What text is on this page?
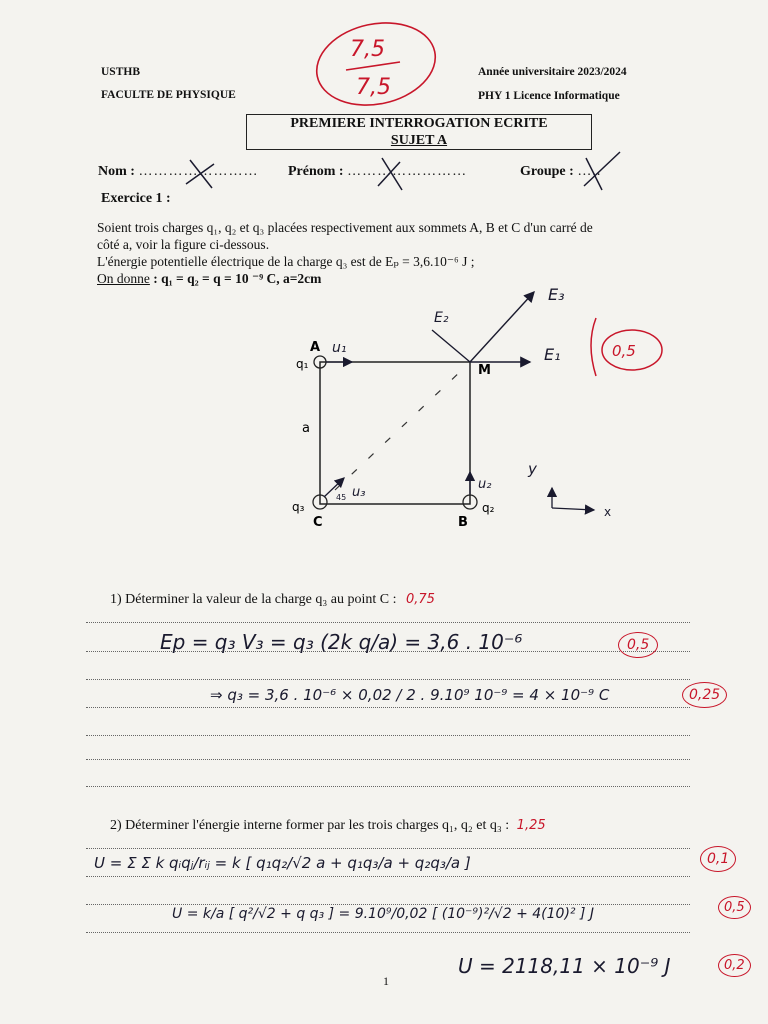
USTHB
FACULTE DE PHYSIQUE
Année universitaire 2023/2024
PHY 1 Licence Informatique
7,5
7,5
PREMIERE INTERROGATION ECRITE
SUJET A
Nom : …………………… Prénom : ……………………	Groupe : …..
Exercice 1 :
Soient trois charges q₁, q₂ et q₃ placées respectivement aux sommets A, B et C d'un carré de
côté a, voir la figure ci-dessous.
L'énergie potentielle électrique de la charge q₃ est de Eₚ = 3,6.10⁻⁶ J ;
On donne : q₁ = q₂ = q = 10 ⁻⁹ C, a=2cm
A
M
q₁
q₂
q₃
B
C
a
u₁
u₂
u₃
45
E₁
E₂
E₃
y
x
0,5
1) Déterminer la valeur de la charge q₃ au point C : 0,75
Ep = q₃ V₃ = q₃ (2k q/a) = 3,6 . 10⁻⁶	0,5
⇒ q₃ = 3,6 . 10⁻⁶ × 0,02 / 2 . 9.10⁹ 10⁻⁹ = 4 × 10⁻⁹ C	0,25
2) Déterminer l'énergie interne former par les trois charges q₁, q₂ et q₃ : 1,25
U = Σ Σ k qᵢqⱼ/rᵢⱼ = k [ q₁q₂/√2 a + q₁q₃/a + q₂q₃/a ]	0,1
U = k/a [ q²/√2 + q q₃ ] = 9.10⁹/0,02 [ (10⁻⁹)²/√2 + 4(10)² ] J	0,5
U = 2118,11 × 10⁻⁹ J	0,2
1
